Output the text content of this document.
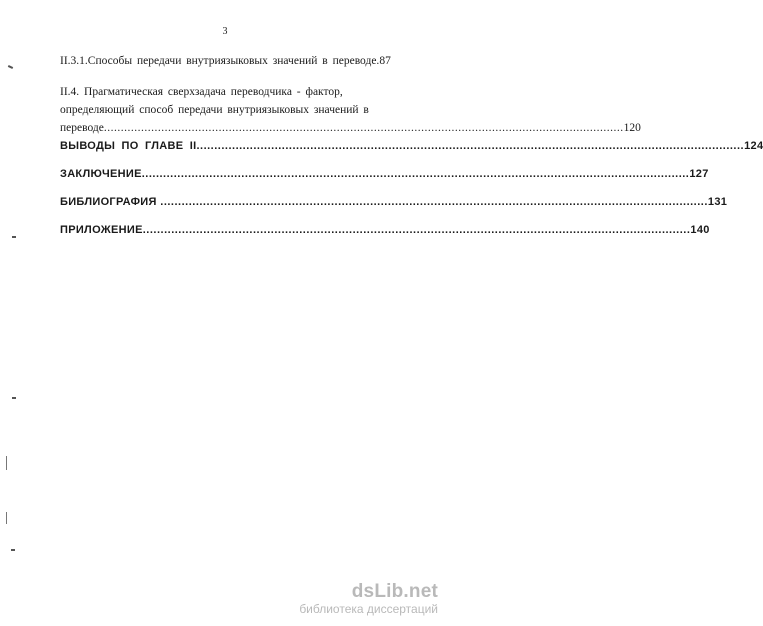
3
II.3.1.Способы передачи внутриязыковых значений в переводе. 87
II.4. Прагматическая сверхзадача переводчика - фактор,
определяющий способ передачи внутриязыковых значений в
переводе .......................................................................................................................................................... 120
ВЫВОДЫ ПО ГЛАВЕ II .......................................................................................................................................................... 124
ЗАКЛЮЧЕНИЕ .......................................................................................................................................................... 127
БИБЛИОГРАФИЯ .......................................................................................................................................................... 131
ПРИЛОЖЕНИЕ .......................................................................................................................................................... 140
dsLib.net
библиотека диссертаций
